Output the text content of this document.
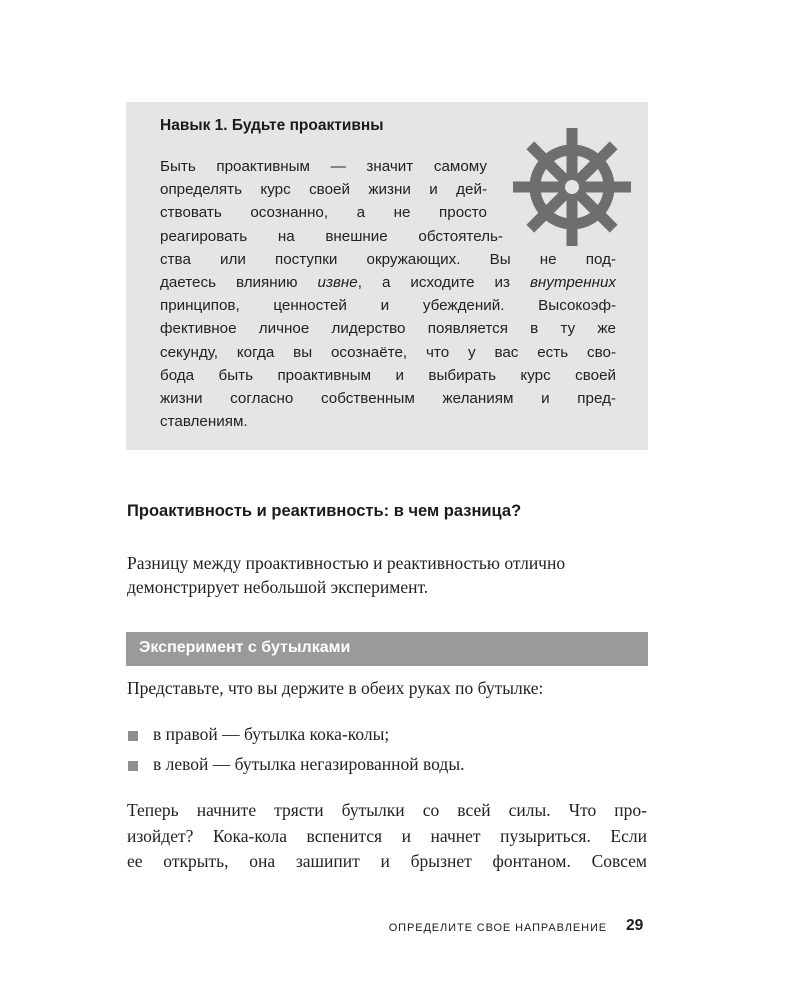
Навык 1. Будьте проактивны

Быть проактивным — значит самому
определять курс своей жизни и дей-
ствовать осознанно, а не просто
реагировать на внешние обстоятель-
ства или поступки окружающих. Вы не под-
даетесь влиянию извне, а исходите из внутренних
принципов, ценностей и убеждений. Высокоэф-
фективное личное лидерство появляется в ту же
секунду, когда вы осознаёте, что у вас есть сво-
бода быть проактивным и выбирать курс своей
жизни согласно собственным желаниям и пред-
ставлениям.

Проактивность и реактивность: в чем разница?

Разницу между проактивностью и реактивностью отлично
демонстрирует небольшой эксперимент.

Эксперимент с бутылками

Представьте, что вы держите в обеих руках по бутылке:

в правой — бутылка кока-колы;
в левой — бутылка негазированной воды.

Теперь начните трясти бутылки со всей силы. Что про-
изойдет? Кока-кола вспенится и начнет пузыриться. Если
ее открыть, она зашипит и брызнет фонтаном. Совсем

ОПРЕДЕЛИТЕ СВОЕ НАПРАВЛЕНИЕ 29
